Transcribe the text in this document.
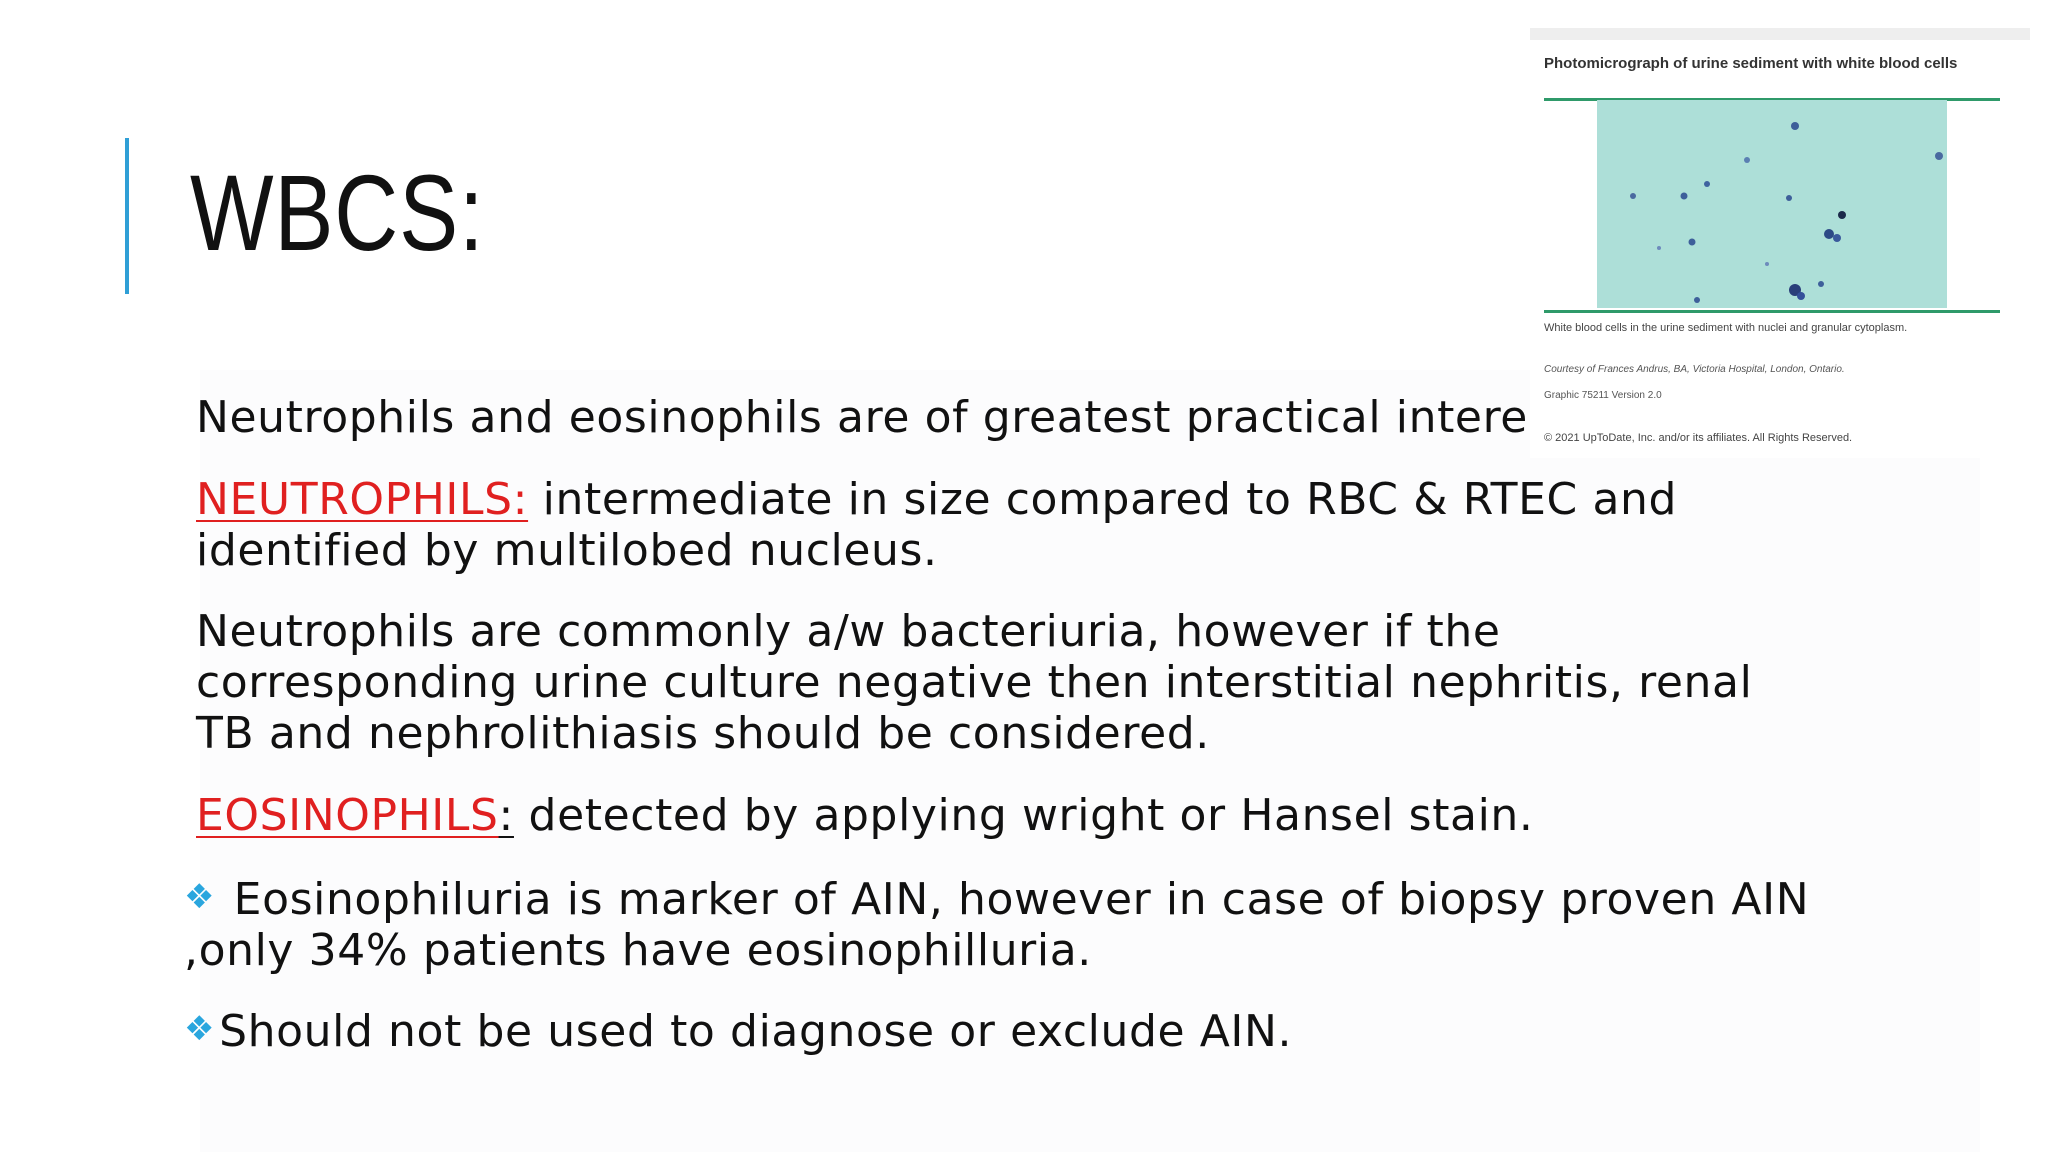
WBCS:

Neutrophils and eosinophils are of greatest practical intere

NEUTROPHILS: intermediate in size compared to RBC & RTEC and identified by multilobed nucleus.

Neutrophils are commonly a/w bacteriuria, however if the corresponding urine culture negative then interstitial nephritis, renal TB and nephrolithiasis should be considered.

EOSINOPHILS: detected by applying wright or Hansel stain.

❖ Eosinophiluria is marker of AIN, however in case of biopsy proven AIN ,only 34% patients have eosinophilluria.

❖Should not be used to diagnose or exclude AIN.

Photomicrograph of urine sediment with white blood cells
White blood cells in the urine sediment with nuclei and granular cytoplasm.
Courtesy of Frances Andrus, BA, Victoria Hospital, London, Ontario.
Graphic 75211 Version 2.0
© 2021 UpToDate, Inc. and/or its affiliates. All Rights Reserved.
